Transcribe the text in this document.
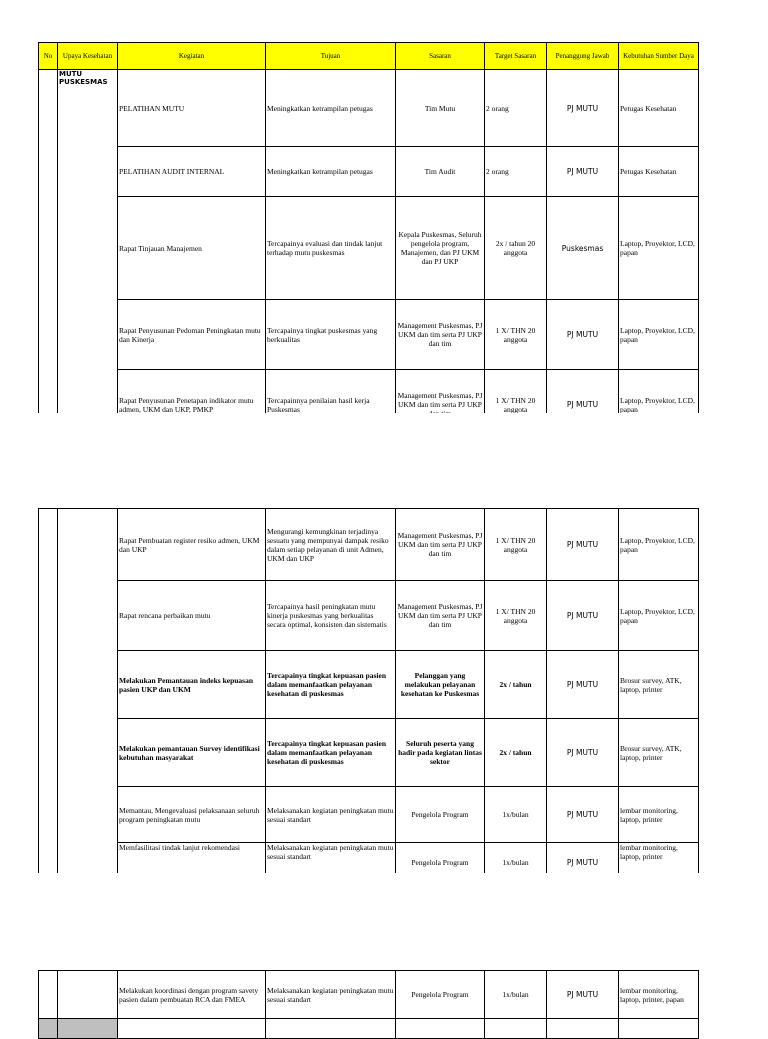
No	Upaya Kesehatan	Kegiatan	Tujuan	Sasaran	Target Sasaran	Penanggung Jawab	Kebutuhan Sumber Daya
	MUTU PUSKESMAS	PELATIHAN MUTU	Meningkatkan ketrampilan petugas	Tim Mutu	2 orang	PJ MUTU	Petugas Kesehatan
		PELATIHAN AUDIT INTERNAL	Meningkatkan ketrampilan petugas	Tim Audit	2 orang	PJ MUTU	Petugas Kesehatan
		Rapat Tinjauan Manajemen	Tercapainya evaluasi dan tindak lanjut terhadap mutu puskesmas	Kepala Puskesmas, Seluruh pengelola program, Manajemen, dan PJ UKM dan PJ UKP	2x / tahun 20 anggota	Puskesmas	Laptop, Proyektor, LCD, papan
		Rapat Penyusunan Pedoman Peningkatan mutu dan Kinerja	Tercapainya tingkat puskesmas yang berkualitas	Management Puskesmas, PJ UKM dan tim serta PJ UKP dan tim	1 X/ THN 20 anggota	PJ MUTU	Laptop, Proyektor, LCD, papan
		Rapat Penyusunan Penetapan indikator mutu admen, UKM dan UKP, PMKP	Tercapainnya penilaian hasil kerja Puskesmas	Management Puskesmas, PJ UKM dan tim serta PJ UKP	1 X/ THN 20 anggota	PJ MUTU	Laptop, Proyektor, LCD, papan
		Rapat Pembuatan register resiko admen, UKM dan UKP	Mengurangi kemungkinan terjadinya sesuatu yang mempunyai dampak resiko dalam setiap pelayanan di unit Admen, UKM dan UKP	Management Puskesmas, PJ UKM dan tim serta PJ UKP dan tim	1 X/ THN 20 anggota	PJ MUTU	Laptop, Proyektor, LCD, papan
		Rapat rencana perbaikan mutu	Tercapainya hasil peningkatan mutu kinerja puskesmas yang berkualitas secara optimal, konsisten dan sistematis	Management Puskesmas, PJ UKM dan tim serta PJ UKP dan tim	1 X/ THN 20 anggota	PJ MUTU	Laptop, Proyektor, LCD, papan
		Melakukan Pemantauan indeks kepuasan pasien UKP dan UKM	Tercapainya tingkat kepuasan pasien dalam memanfaatkan pelayanan kesehatan di puskesmas	Pelanggan yang melakukan pelayanan kesehatan ke Puskesmas	2x / tahun	PJ MUTU	Brosur survey, ATK, laptop, printer
		Melakukan pemantauan Survey identifikasi kebutuhan masyarakat	Tercapainya tingkat kepuasan pasien dalam memanfaatkan pelayanan kesehatan di puskesmas	Seluruh peserta yang hadir pada kegiatan lintas sektor	2x / tahun	PJ MUTU	Brosur survey, ATK, laptop, printer
		Memantau, Mengevaluasi pelaksanaan seluruh program peningkatan mutu	Melaksanakan kegiatan peningkatan mutu sesuai standart	Pengelola Program	1x/bulan	PJ MUTU	lembar monitoring, laptop, printer
		Memfasilitasi tindak lanjut rekomendasi	Melaksanakan kegiatan peningkatan mutu sesuai standart	Pengelola Program	1x/bulan	PJ MUTU	lembar monitoring, laptop, printer
		Melakukan koordinasi dengan program savety pasien dalam pembuatan RCA dan FMEA	Melaksanakan kegiatan peningkatan mutu sesuai standart	Pengelola Program	1x/bulan	PJ MUTU	lembar monitoring, laptop, printer, papan
